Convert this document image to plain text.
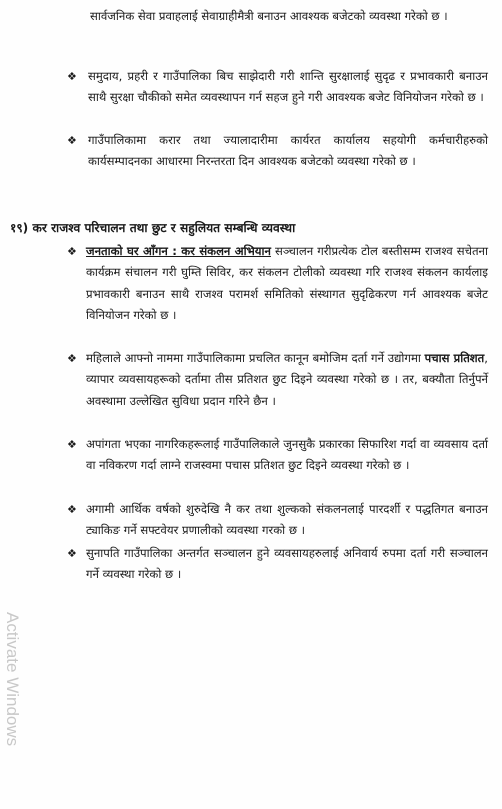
सार्वजनिक सेवा प्रवाहलाई सेवाग्राहीमैत्री बनाउन आवश्यक बजेटको व्यवस्था गरेको छ ।

❖ समुदाय, प्रहरी र गाउँपालिका बिच साझेदारी गरी शान्ति सुरक्षालाई सुदृढ र प्रभावकारी बनाउन साथै सुरक्षा चौकीको समेत व्यवस्थापन गर्न सहज हुने गरी आवश्यक बजेट विनियोजन गरेको छ ।

❖ गाउँपालिकामा करार तथा ज्यालादारीमा कार्यरत कार्यालय सहयोगी कर्मचारीहरुको कार्यसम्पादनका आधारमा निरन्तरता दिन आवश्यक बजेटको व्यवस्था गरेको छ ।

१९) कर राजश्व परिचालन तथा छुट र सहुलियत सम्बन्धि व्यवस्था
❖ जनताको घर आँगन : कर संकलन अभियान सञ्चालन गरीप्रत्येक टोल बस्तीसम्म राजश्व सचेतना कार्यक्रम संचालन गरी घुम्ति सिविर, कर संकलन टोलीको व्यवस्था गरि राजश्व संकलन कार्यलाइ प्रभावकारी बनाउन साथै राजश्व परामर्श समितिको संस्थागत सुदृढिकरण गर्न आवश्यक बजेट विनियोजन गरेको छ ।

❖ महिलाले आफ्नो नाममा गाउँपालिकामा प्रचलित कानून बमोजिम दर्ता गर्ने उद्योगमा पचास प्रतिशत, व्यापार व्यवसायहरूको दर्तामा तीस प्रतिशत छुट दिइने व्यवस्था गरेको छ । तर, बक्यौता तिर्नुपर्ने अवस्थामा उल्लेखित सुविधा प्रदान गरिने छैन ।

❖ अपांगता भएका नागरिकहरूलाई गाउँपालिकाले जुनसुकै प्रकारका सिफारिश गर्दा वा व्यवसाय दर्ता वा नविकरण गर्दा लाग्ने राजस्वमा पचास प्रतिशत छुट दिइने व्यवस्था गरेको छ ।

❖ अगामी आर्थिक वर्षको शुरुदेखि नै कर तथा शुल्कको संकलनलाई पारदर्शी र पद्धतिगत बनाउन ट्याकिङ गर्ने सफ्टवेयर प्रणालीको व्यवस्था गरको छ ।

❖ सुनापति गाउँपालिका अन्तर्गत सञ्चालन हुने व्यवसायहरुलाई अनिवार्य रुपमा दर्ता गरी सञ्चालन गर्ने व्यवस्था गरेको छ ।

Activate Windows
